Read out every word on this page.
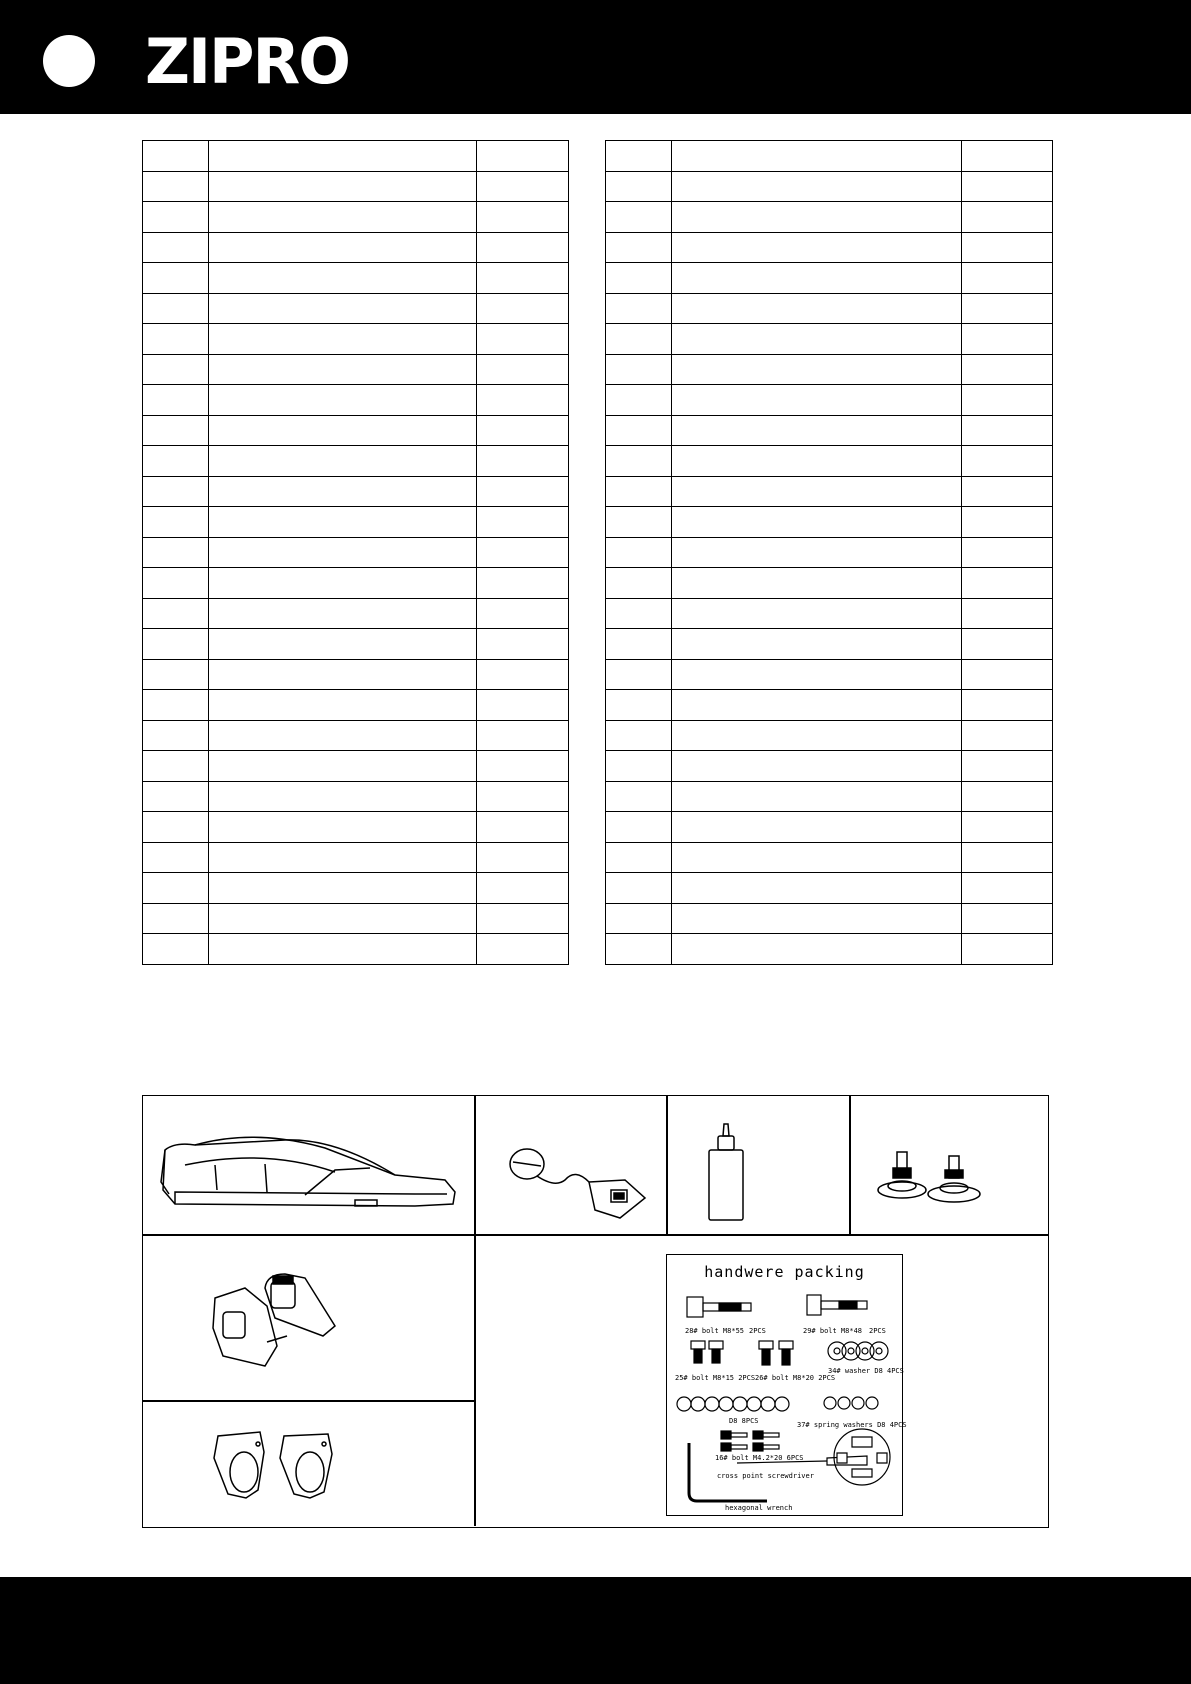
ZIPRO

handwere packing
28# bolt M8*55 2PCS	29# bolt M8*48 2PCS
25# bolt M8*15 2PCS 26# bolt M8*20 2PCS
34# washer D8 4PCS
D8 8PCS	37# spring washers D8 4PCS
16# bolt M4.2*20 6PCS
cross point screwdriver
hexagonal wrench
